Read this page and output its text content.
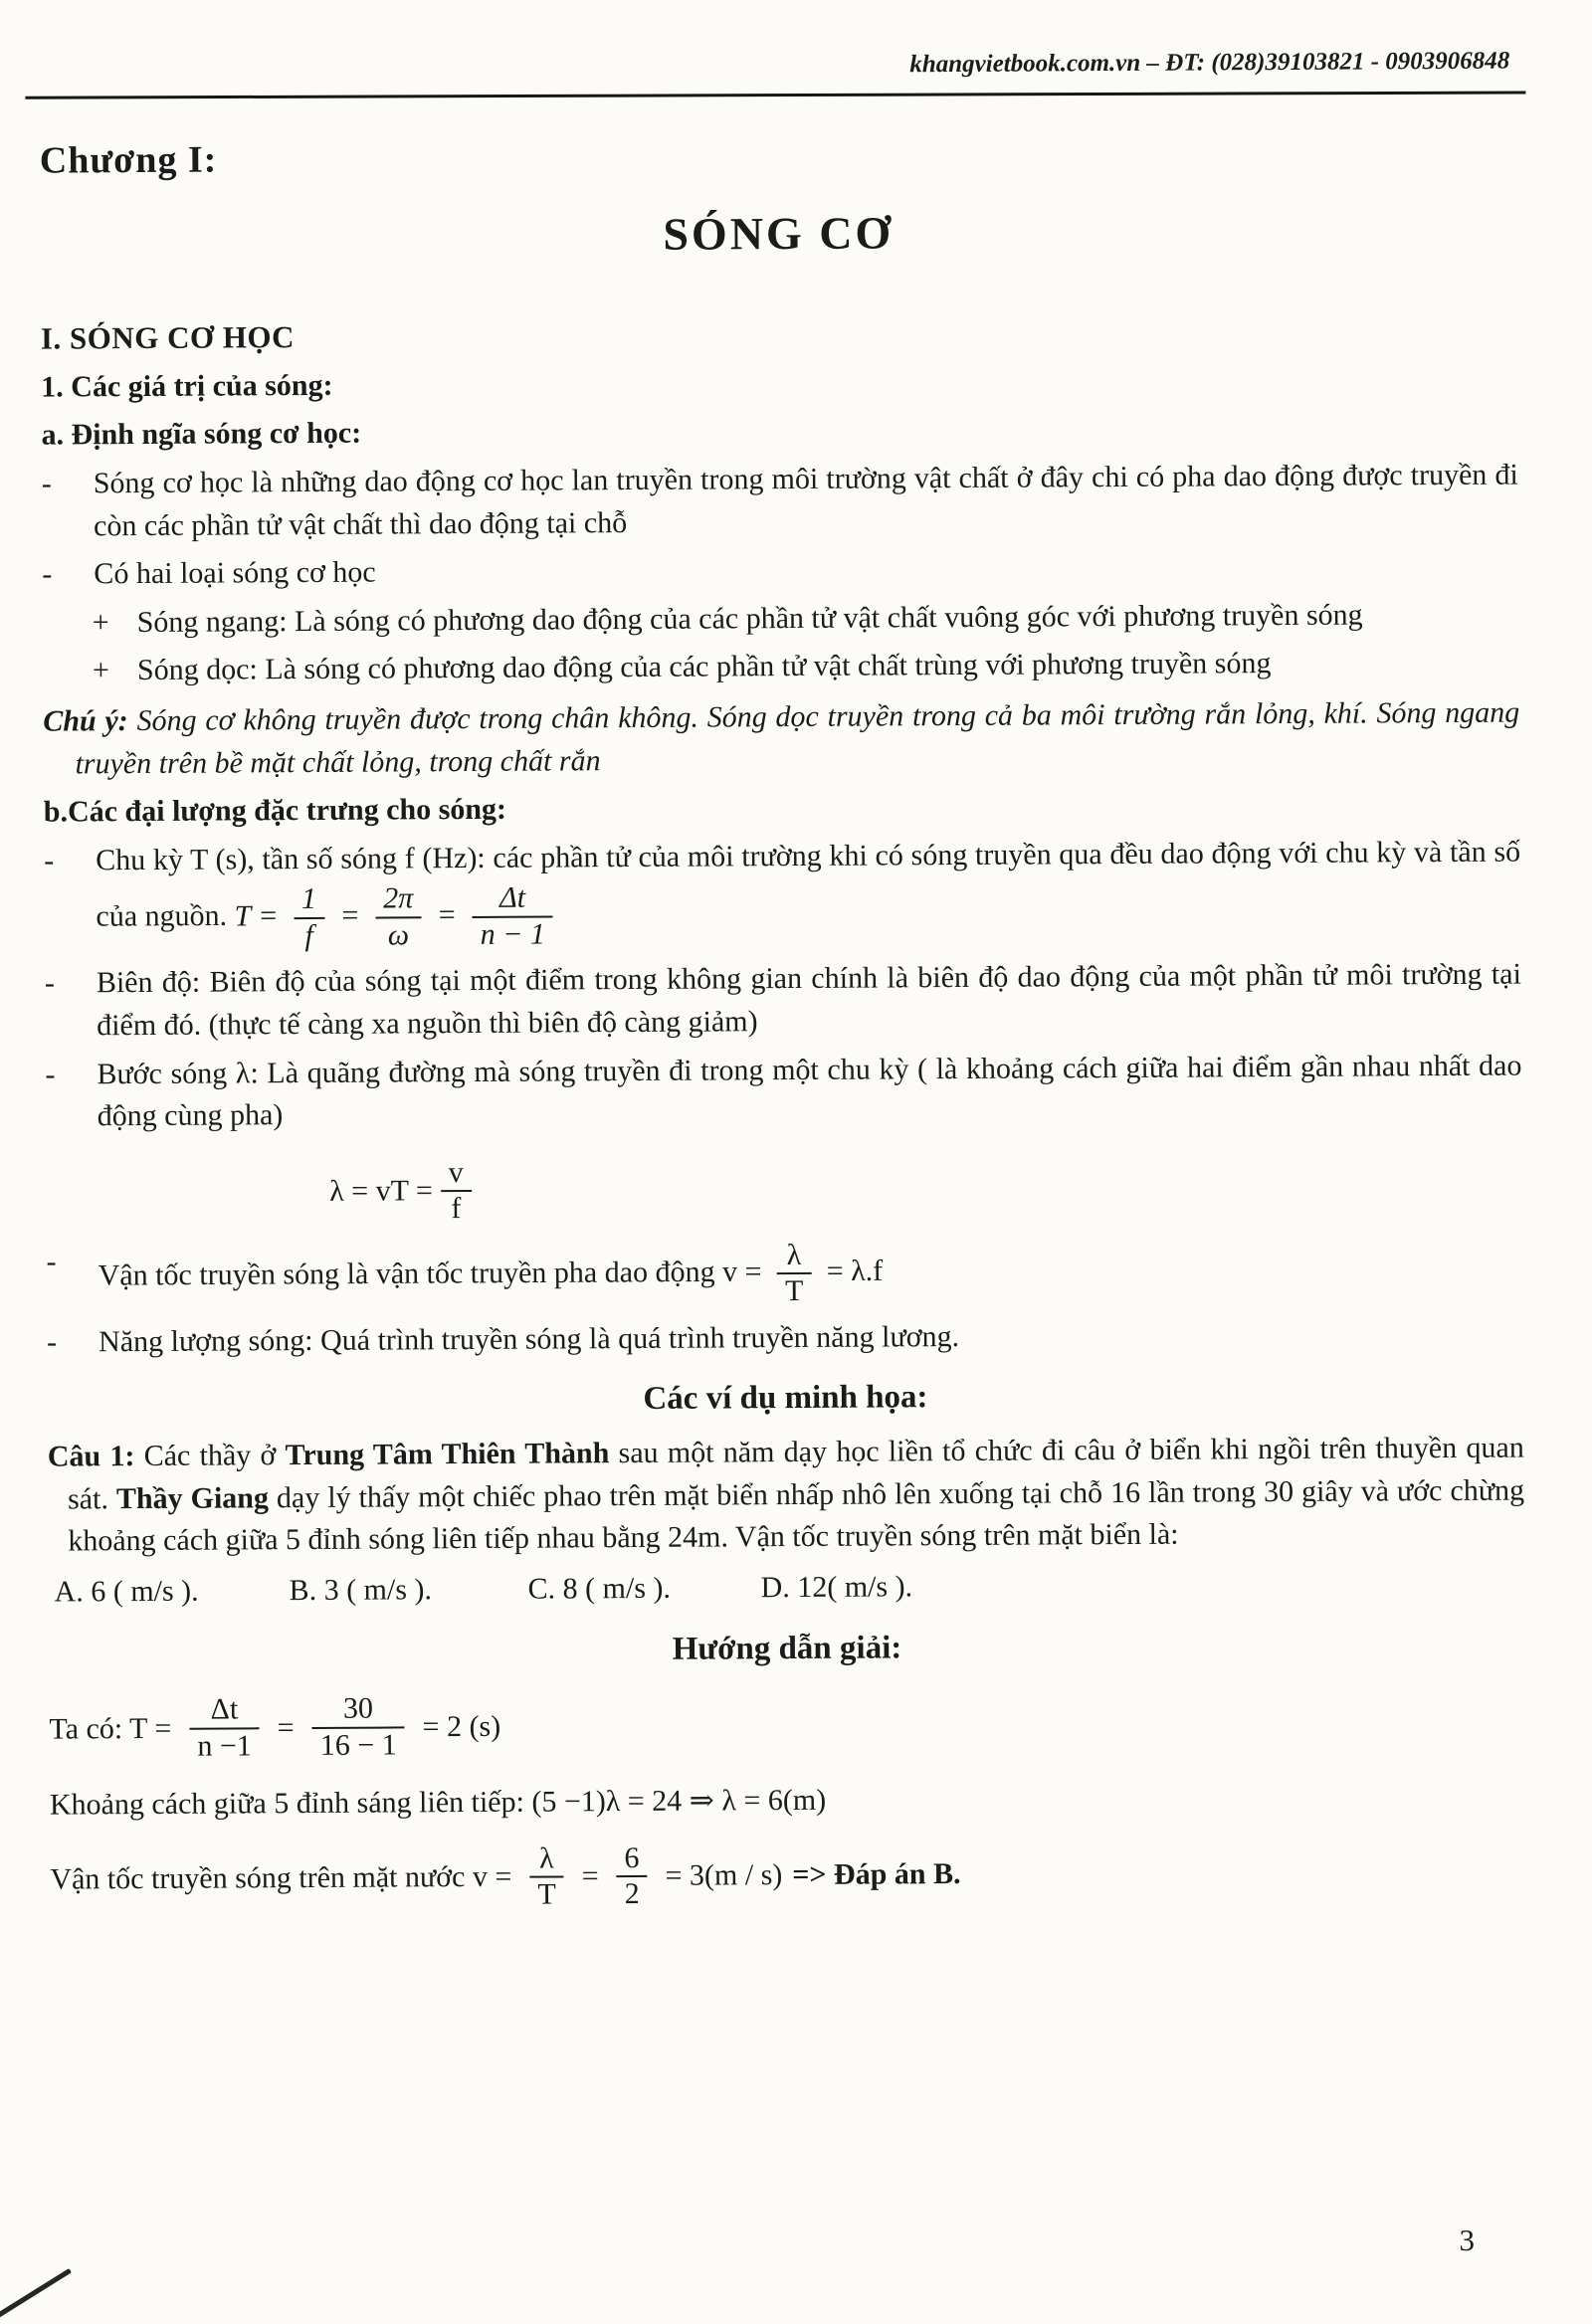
khangvietbook.com.vn – ĐT: (028)39103821 - 0903906848
Chương I:
SÓNG CƠ
I. SÓNG CƠ HỌC
1. Các giá trị của sóng:
a. Định ngĩa sóng cơ học:
-	Sóng cơ học là những dao động cơ học lan truyền trong môi trường vật chất ở đây chi có pha dao động được truyền đi còn các phần tử vật chất thì dao động tại chỗ
-	Có hai loại sóng cơ học
+ Sóng ngang: Là sóng có phương dao động của các phần tử vật chất vuông góc với phương truyền sóng
+ Sóng dọc: Là sóng có phương dao động của các phần tử vật chất trùng với phương truyền sóng
Chú ý: Sóng cơ không truyền được trong chân không. Sóng dọc truyền trong cả ba môi trường rắn lỏng, khí. Sóng ngang truyền trên bề mặt chất lỏng, trong chất rắn
b.Các đại lượng đặc trưng cho sóng:
-	Chu kỳ T (s), tần số sóng f (Hz): các phần tử của môi trường khi có sóng truyền qua đều dao động với chu kỳ và tần số của nguồn. $T = \frac{1}{f} = \frac{2\pi}{\omega} = \frac{\Delta t}{n - 1}$
-	Biên độ: Biên độ của sóng tại một điểm trong không gian chính là biên độ dao động của một phần tử môi trường tại điểm đó. (thực tế càng xa nguồn thì biên độ càng giảm)
-	Bước sóng λ: Là quãng đường mà sóng truyền đi trong một chu kỳ ( là khoảng cách giữa hai điểm gần nhau nhất dao động cùng pha)
λ = vT = $\frac{v}{f}$
-	Vận tốc truyền sóng là vận tốc truyền pha dao động $v = \frac{\lambda}{T} = \lambda.f$
-	Năng lượng sóng: Quá trình truyền sóng là quá trình truyền năng lương.
Các ví dụ minh họa:
Câu 1: Các thầy ở Trung Tâm Thiên Thành sau một năm dạy học liền tổ chức đi câu ở biển khi ngồi trên thuyền quan sát. Thầy Giang dạy lý thấy một chiếc phao trên mặt biển nhấp nhô lên xuống tại chỗ 16 lần trong 30 giây và ước chừng khoảng cách giữa 5 đỉnh sóng liên tiếp nhau bằng 24m. Vận tốc truyền sóng trên mặt biển là:
A. 6 ( m/s ).	B. 3 ( m/s ).	C. 8 ( m/s ).	D. 12( m/s ).
Hướng dẫn giải:
Ta có: $T = \frac{\Delta t}{n -1} = \frac{30}{16 - 1} = 2$ (s)
Khoảng cách giữa 5 đỉnh sáng liên tiếp: (5 −1)λ = 24 ⇒ λ = 6(m)
Vận tốc truyền sóng trên mặt nước $v = \frac{\lambda}{T} = \frac{6}{2} = 3(m / s)$ => Đáp án B.
3
